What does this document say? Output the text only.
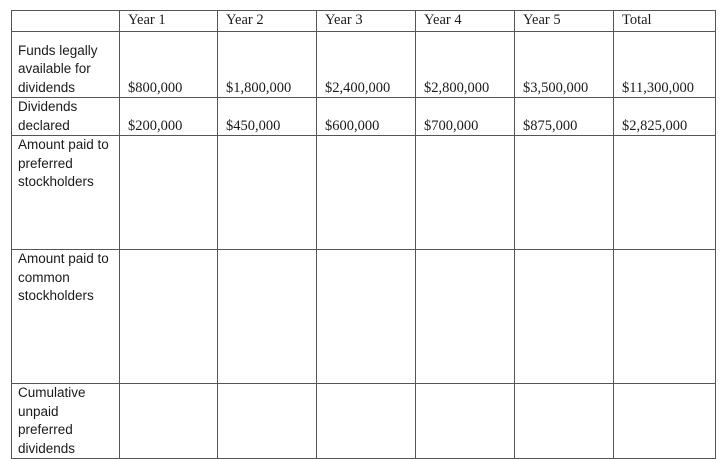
	Year 1	Year 2	Year 3	Year 4	Year 5	Total
Funds legally available for dividends	$800,000	$1,800,000	$2,400,000	$2,800,000	$3,500,000	$11,300,000
Dividends declared	$200,000	$450,000	$600,000	$700,000	$875,000	$2,825,000
Amount paid to preferred stockholders						
Amount paid to common stockholders						
Cumulative unpaid preferred dividends						
